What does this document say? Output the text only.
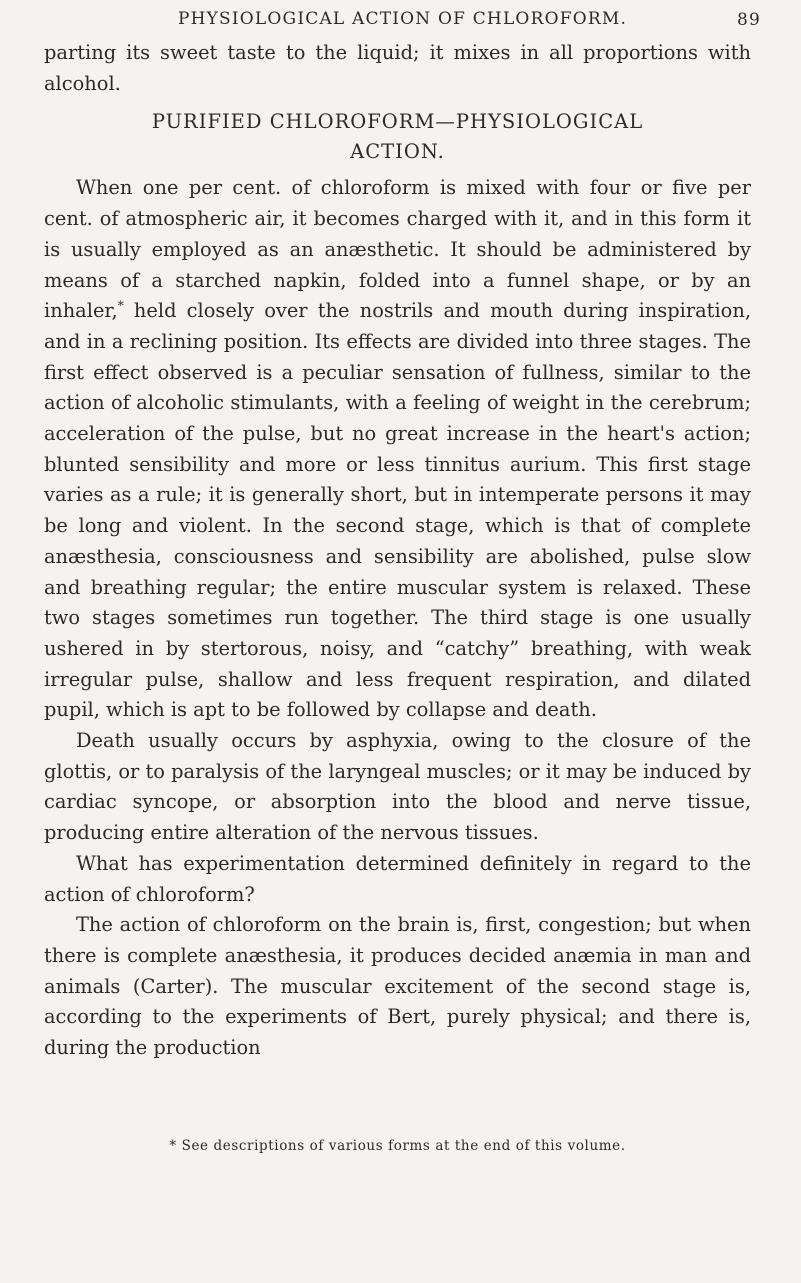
PHYSIOLOGICAL ACTION OF CHLOROFORM.	89

parting its sweet taste to the liquid; it mixes in all proportions with alcohol.

PURIFIED CHLOROFORM—PHYSIOLOGICAL
ACTION.

When one per cent. of chloroform is mixed with four or five per cent. of atmospheric air, it becomes charged with it, and in this form it is usually employed as an anæsthetic. It should be administered by means of a starched napkin, folded into a funnel shape, or by an inhaler,* held closely over the nostrils and mouth during inspiration, and in a reclining position. Its effects are divided into three stages. The first effect observed is a peculiar sensation of fullness, similar to the action of alcoholic stimulants, with a feeling of weight in the cerebrum; acceleration of the pulse, but no great increase in the heart's action; blunted sensibility and more or less tinnitus aurium. This first stage varies as a rule; it is generally short, but in intemperate persons it may be long and violent. In the second stage, which is that of complete anæsthesia, consciousness and sensibility are abolished, pulse slow and breathing regular; the entire muscular system is relaxed. These two stages sometimes run together. The third stage is one usually ushered in by stertorous, noisy, and “catchy” breathing, with weak irregular pulse, shallow and less frequent respiration, and dilated pupil, which is apt to be followed by collapse and death.

Death usually occurs by asphyxia, owing to the closure of the glottis, or to paralysis of the laryngeal muscles; or it may be induced by cardiac syncope, or absorption into the blood and nerve tissue, producing entire alteration of the nervous tissues.

What has experimentation determined definitely in regard to the action of chloroform?

The action of chloroform on the brain is, first, congestion; but when there is complete anæsthesia, it produces decided anæmia in man and animals (Carter). The muscular excitement of the second stage is, according to the experiments of Bert, purely physical; and there is, during the production

* See descriptions of various forms at the end of this volume.
